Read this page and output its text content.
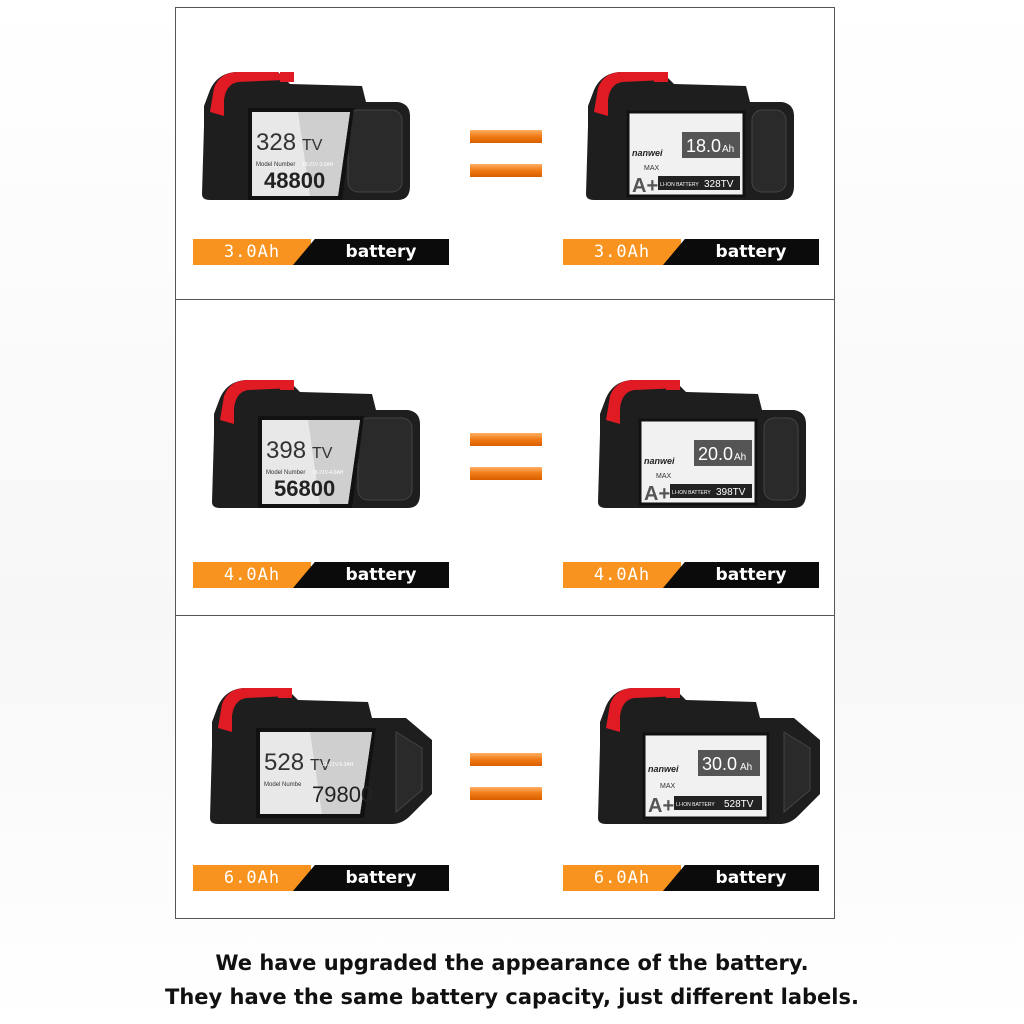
328 TV
Model Number 18-21V-3.0AH
48800
nanwei 18.0 Ah
MAX
A+ LI-ION BATTERY 328TV
3.0Ah	battery	3.0Ah	battery
398 TV
Model Number 18-21V-4.0AH
56800
nanwei 20.0 Ah
MAX
A+ LI-ION BATTERY 398TV
4.0Ah	battery	4.0Ah	battery
528 TV
Model Numbe
18-21V-6.0AH
79800
nanwei 30.0 Ah
MAX
A+ LI-ION BATTERY 528TV
6.0Ah	battery	6.0Ah	battery
We have upgraded the appearance of the battery.
They have the same battery capacity, just different labels.
